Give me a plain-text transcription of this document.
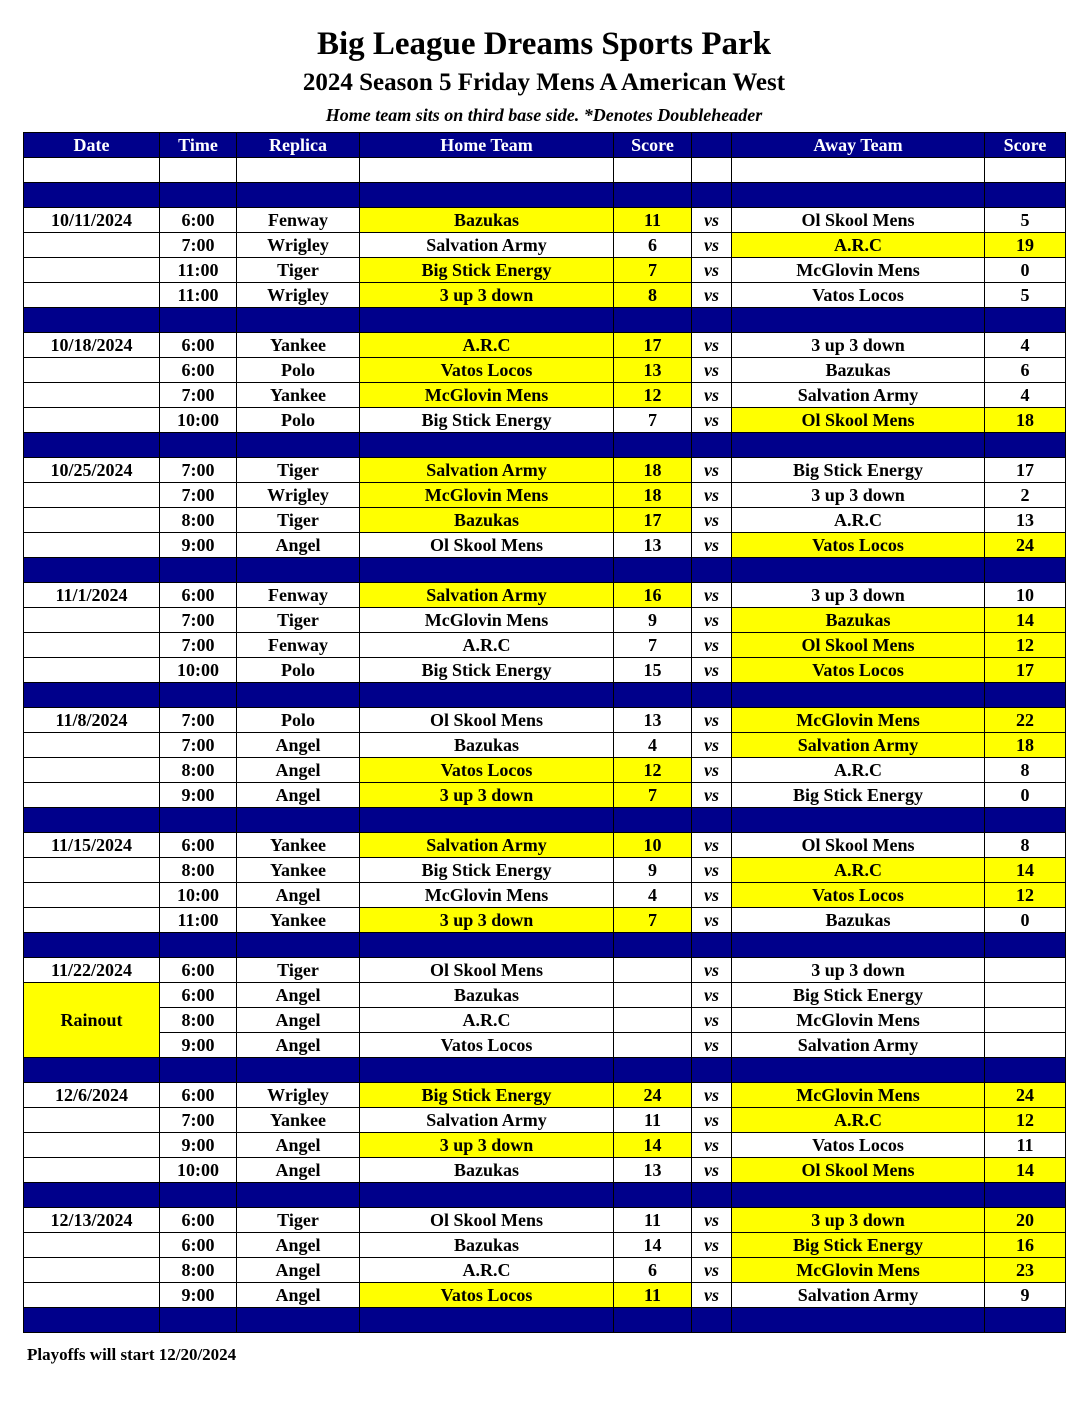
Big League Dreams Sports Park
2024 Season 5 Friday Mens A American West

Home team sits on third base side. *Denotes Doubleheader

Date	Time	Replica	Home Team	Score		Away Team	Score

10/11/2024	6:00	Fenway	Bazukas	11	vs	Ol Skool Mens	5
	7:00	Wrigley	Salvation Army	6	vs	A.R.C	19
	11:00	Tiger	Big Stick Energy	7	vs	McGlovin Mens	0
	11:00	Wrigley	3 up 3 down	8	vs	Vatos Locos	5

10/18/2024	6:00	Yankee	A.R.C	17	vs	3 up 3 down	4
	6:00	Polo	Vatos Locos	13	vs	Bazukas	6
	7:00	Yankee	McGlovin Mens	12	vs	Salvation Army	4
	10:00	Polo	Big Stick Energy	7	vs	Ol Skool Mens	18

10/25/2024	7:00	Tiger	Salvation Army	18	vs	Big Stick Energy	17
	7:00	Wrigley	McGlovin Mens	18	vs	3 up 3 down	2
	8:00	Tiger	Bazukas	17	vs	A.R.C	13
	9:00	Angel	Ol Skool Mens	13	vs	Vatos Locos	24

11/1/2024	6:00	Fenway	Salvation Army	16	vs	3 up 3 down	10
	7:00	Tiger	McGlovin Mens	9	vs	Bazukas	14
	7:00	Fenway	A.R.C	7	vs	Ol Skool Mens	12
	10:00	Polo	Big Stick Energy	15	vs	Vatos Locos	17

11/8/2024	7:00	Polo	Ol Skool Mens	13	vs	McGlovin Mens	22
	7:00	Angel	Bazukas	4	vs	Salvation Army	18
	8:00	Angel	Vatos Locos	12	vs	A.R.C	8
	9:00	Angel	3 up 3 down	7	vs	Big Stick Energy	0

11/15/2024	6:00	Yankee	Salvation Army	10	vs	Ol Skool Mens	8
	8:00	Yankee	Big Stick Energy	9	vs	A.R.C	14
	10:00	Angel	McGlovin Mens	4	vs	Vatos Locos	12
	11:00	Yankee	3 up 3 down	7	vs	Bazukas	0

11/22/2024	6:00	Tiger	Ol Skool Mens		vs	3 up 3 down	
Rainout	6:00	Angel	Bazukas		vs	Big Stick Energy	
	8:00	Angel	A.R.C		vs	McGlovin Mens	
	9:00	Angel	Vatos Locos		vs	Salvation Army	

12/6/2024	6:00	Wrigley	Big Stick Energy	24	vs	McGlovin Mens	24
	7:00	Yankee	Salvation Army	11	vs	A.R.C	12
	9:00	Angel	3 up 3 down	14	vs	Vatos Locos	11
	10:00	Angel	Bazukas	13	vs	Ol Skool Mens	14

12/13/2024	6:00	Tiger	Ol Skool Mens	11	vs	3 up 3 down	20
	6:00	Angel	Bazukas	14	vs	Big Stick Energy	16
	8:00	Angel	A.R.C	6	vs	McGlovin Mens	23
	9:00	Angel	Vatos Locos	11	vs	Salvation Army	9

Playoffs will start 12/20/2024
